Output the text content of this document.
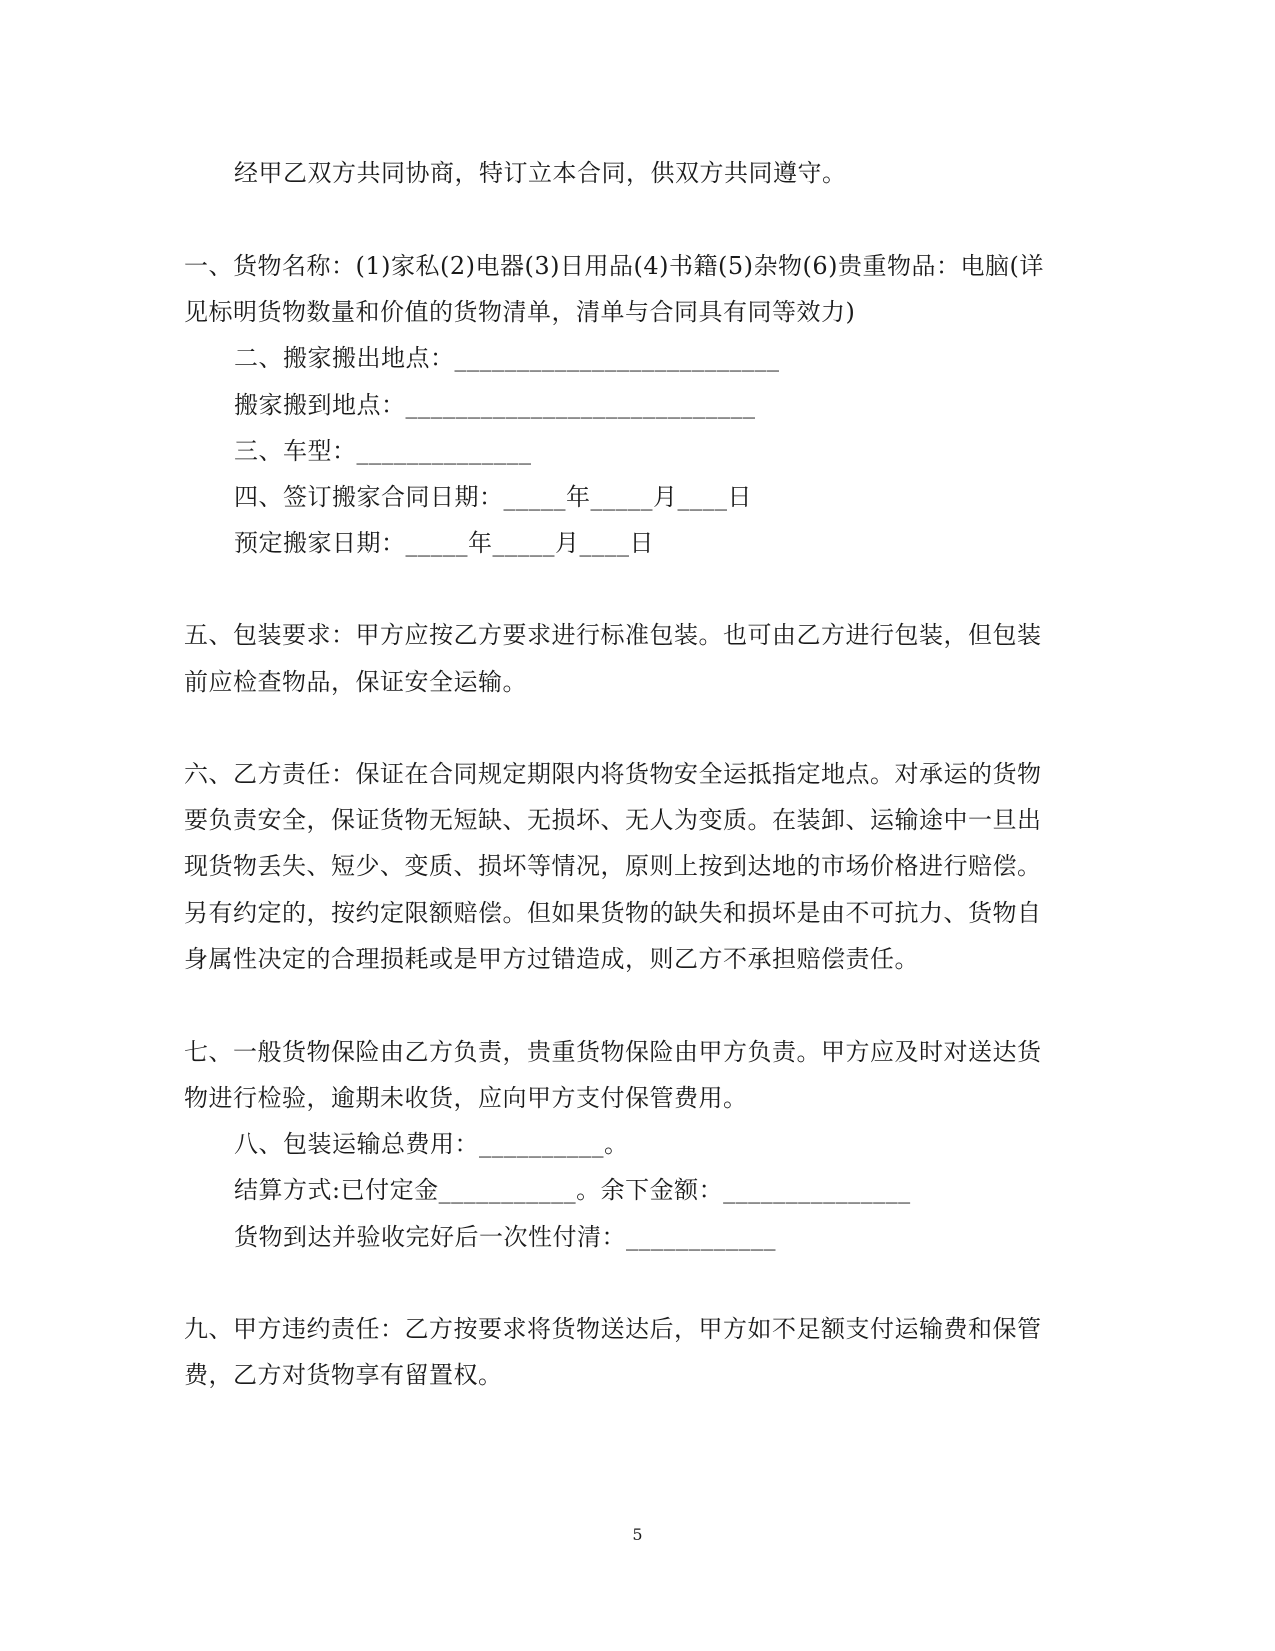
经甲乙双方共同协商，特订立本合同，供双方共同遵守。
一、货物名称：(1)家私(2)电器(3)日用品(4)书籍(5)杂物(6)贵重物品：电脑(详
见标明货物数量和价值的货物清单，清单与合同具有同等效力)
二、搬家搬出地点：__________________________
搬家搬到地点：____________________________
三、车型：______________
四、签订搬家合同日期：_____年_____月____日
预定搬家日期：_____年_____月____日
五、包装要求：甲方应按乙方要求进行标准包装。也可由乙方进行包装，但包装
前应检查物品，保证安全运输。
六、乙方责任：保证在合同规定期限内将货物安全运抵指定地点。对承运的货物
要负责安全，保证货物无短缺、无损坏、无人为变质。在装卸、运输途中一旦出
现货物丢失、短少、变质、损坏等情况，原则上按到达地的市场价格进行赔偿。
另有约定的，按约定限额赔偿。但如果货物的缺失和损坏是由不可抗力、货物自
身属性决定的合理损耗或是甲方过错造成，则乙方不承担赔偿责任。
七、一般货物保险由乙方负责，贵重货物保险由甲方负责。甲方应及时对送达货
物进行检验，逾期未收货，应向甲方支付保管费用。
八、包装运输总费用：__________。
结算方式:已付定金___________。余下金额：_______________
货物到达并验收完好后一次性付清：____________
九、甲方违约责任：乙方按要求将货物送达后，甲方如不足额支付运输费和保管
费，乙方对货物享有留置权。
5
